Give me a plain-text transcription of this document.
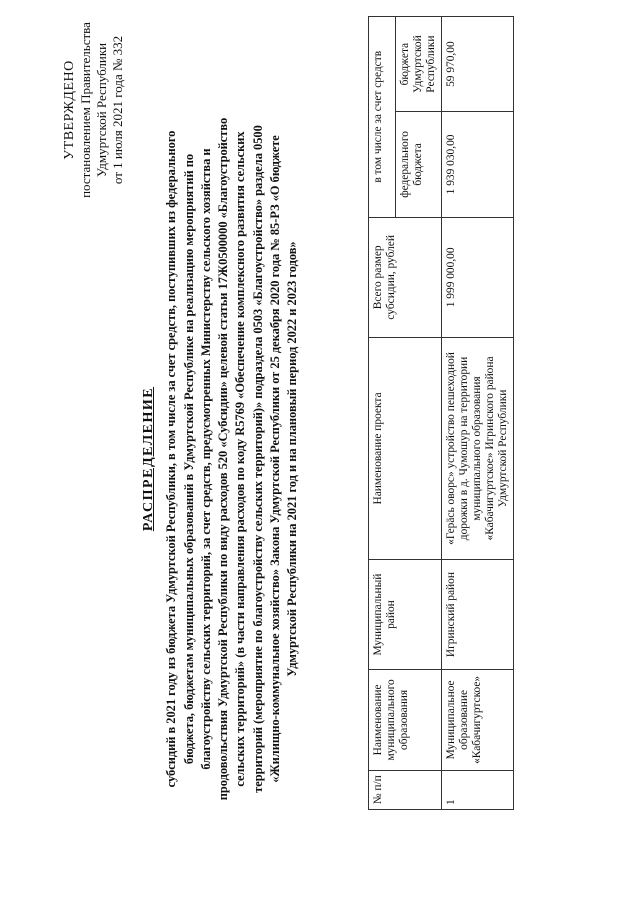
УТВЕРЖДЕНО постановлением Правительства Удмуртской Республики от 1 июля 2021 года № 332
РАСПРЕДЕЛЕНИЕ субсидий в 2021 году из бюджета Удмуртской Республики, в том числе за счет средств, поступивших из федерального бюджета, бюджетам муниципальных образований в Удмуртской Республике на реализацию мероприятий по благоустройству сельских территорий, за счет средств, предусмотренных Министерству сельского хозяйства и продовольствия Удмуртской Республики по виду расходов 520 «Субсидии» целевой статьи 17Ж0500000 «Благоустройство сельских территорий» (в части направления расходов по коду R5769 «Обеспечение комплексного развития сельских территорий (мероприятие по благоустройству сельских территорий)» подраздела 0503 «Благоустройство» раздела 0500 «Жилищно-коммунальное хозяйство» Закона Удмуртской Республики от 25 декабря 2020 года № 85-РЗ «О бюджете Удмуртской Республики на 2021 год и на плановый период 2022 и 2023 годов»
№ п/п	Наименование муниципального образования	Муниципальный район	Наименование проекта	Всего размер субсидии, рублей	в том числе за счет средств	
					федерального бюджета	бюджета Удмуртской Республики
1	Муниципальное образование «Кабачигуртское»	Игринский район	«Герäсь оворс» устройство пешеходной дорожки в д. Чумошур на территории муниципального образования «Кабачигуртское» Игринского района Удмуртской Республики	1 999 000,00	1 939 030,00	59 970,00
